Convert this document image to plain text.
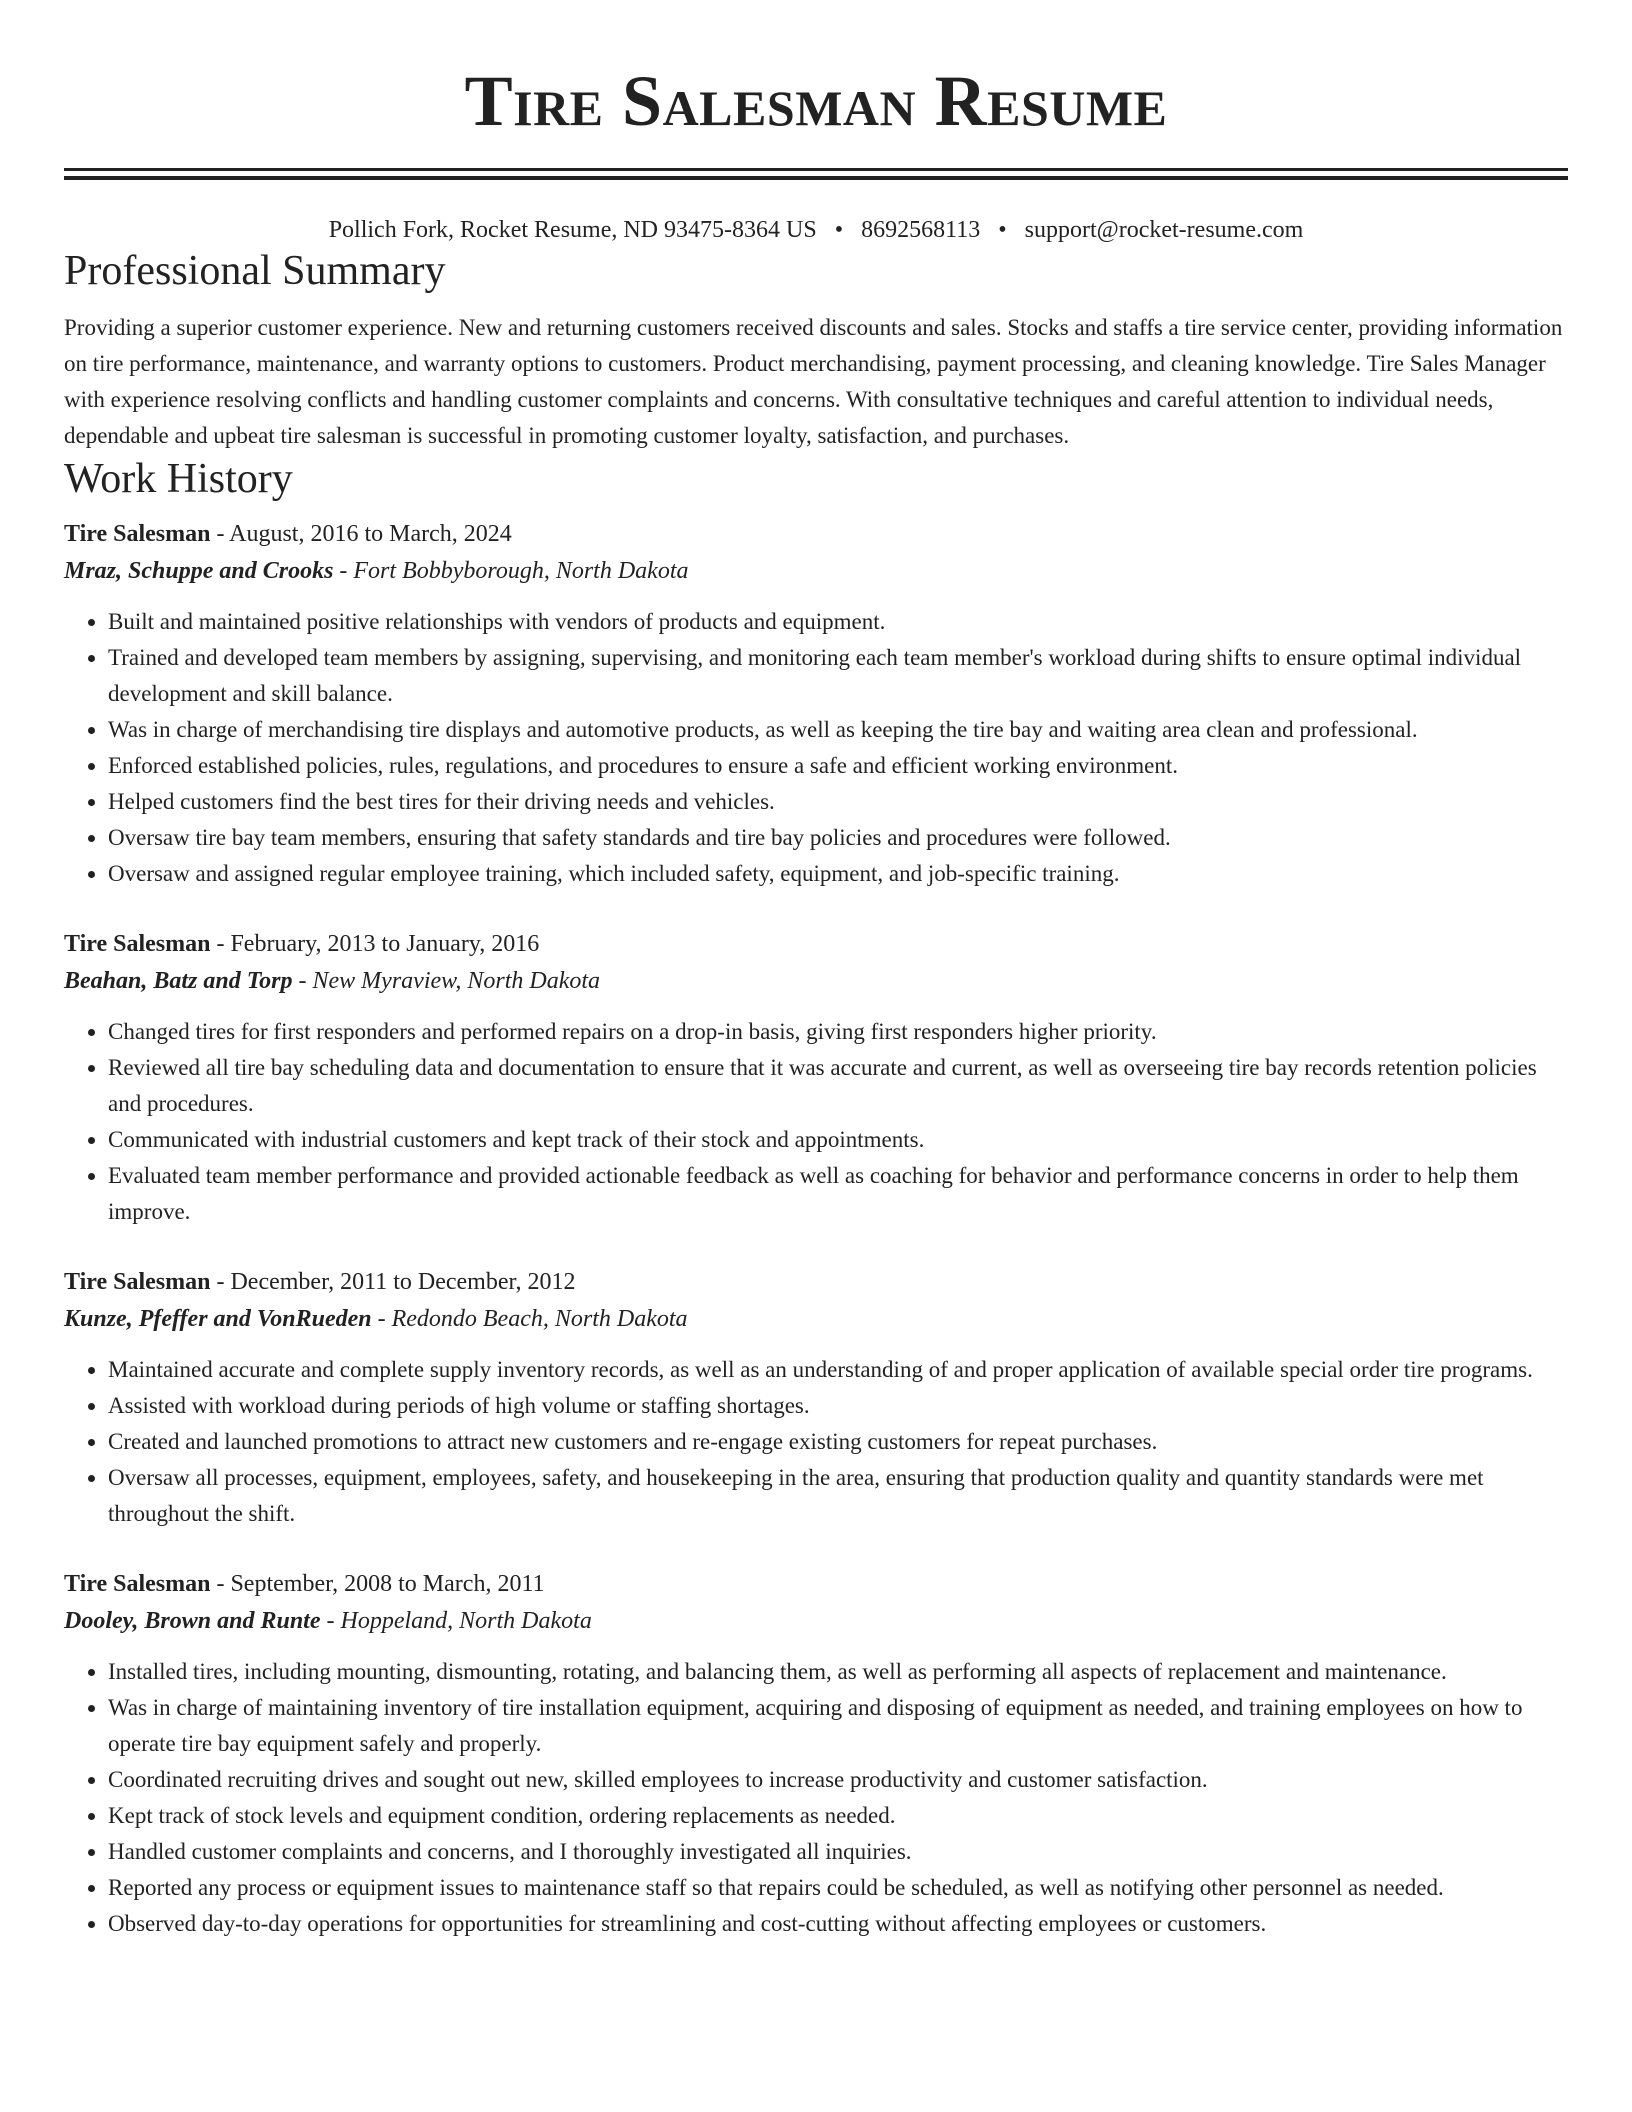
Tire Salesman Resume
Pollich Fork, Rocket Resume, ND 93475-8364 US • 8692568113 • support@rocket-resume.com
Professional Summary

Providing a superior customer experience. New and returning customers received discounts and sales. Stocks and staffs a tire service center, providing information on tire performance, maintenance, and warranty options to customers. Product merchandising, payment processing, and cleaning knowledge. Tire Sales Manager with experience resolving conflicts and handling customer complaints and concerns. With consultative techniques and careful attention to individual needs, dependable and upbeat tire salesman is successful in promoting customer loyalty, satisfaction, and purchases.

Work History
Tire Salesman - August, 2016 to March, 2024
Mraz, Schuppe and Crooks - Fort Bobbyborough, North Dakota
• Built and maintained positive relationships with vendors of products and equipment.
• Trained and developed team members by assigning, supervising, and monitoring each team member's workload during shifts to ensure optimal individual development and skill balance.
• Was in charge of merchandising tire displays and automotive products, as well as keeping the tire bay and waiting area clean and professional.
• Enforced established policies, rules, regulations, and procedures to ensure a safe and efficient working environment.
• Helped customers find the best tires for their driving needs and vehicles.
• Oversaw tire bay team members, ensuring that safety standards and tire bay policies and procedures were followed.
• Oversaw and assigned regular employee training, which included safety, equipment, and job-specific training.
Tire Salesman - February, 2013 to January, 2016
Beahan, Batz and Torp - New Myraview, North Dakota
• Changed tires for first responders and performed repairs on a drop-in basis, giving first responders higher priority.
• Reviewed all tire bay scheduling data and documentation to ensure that it was accurate and current, as well as overseeing tire bay records retention policies and procedures.
• Communicated with industrial customers and kept track of their stock and appointments.
• Evaluated team member performance and provided actionable feedback as well as coaching for behavior and performance concerns in order to help them improve.
Tire Salesman - December, 2011 to December, 2012
Kunze, Pfeffer and VonRueden - Redondo Beach, North Dakota
• Maintained accurate and complete supply inventory records, as well as an understanding of and proper application of available special order tire programs.
• Assisted with workload during periods of high volume or staffing shortages.
• Created and launched promotions to attract new customers and re-engage existing customers for repeat purchases.
• Oversaw all processes, equipment, employees, safety, and housekeeping in the area, ensuring that production quality and quantity standards were met throughout the shift.
Tire Salesman - September, 2008 to March, 2011
Dooley, Brown and Runte - Hoppeland, North Dakota
• Installed tires, including mounting, dismounting, rotating, and balancing them, as well as performing all aspects of replacement and maintenance.
• Was in charge of maintaining inventory of tire installation equipment, acquiring and disposing of equipment as needed, and training employees on how to operate tire bay equipment safely and properly.
• Coordinated recruiting drives and sought out new, skilled employees to increase productivity and customer satisfaction.
• Kept track of stock levels and equipment condition, ordering replacements as needed.
• Handled customer complaints and concerns, and I thoroughly investigated all inquiries.
• Reported any process or equipment issues to maintenance staff so that repairs could be scheduled, as well as notifying other personnel as needed.
• Observed day-to-day operations for opportunities for streamlining and cost-cutting without affecting employees or customers.
